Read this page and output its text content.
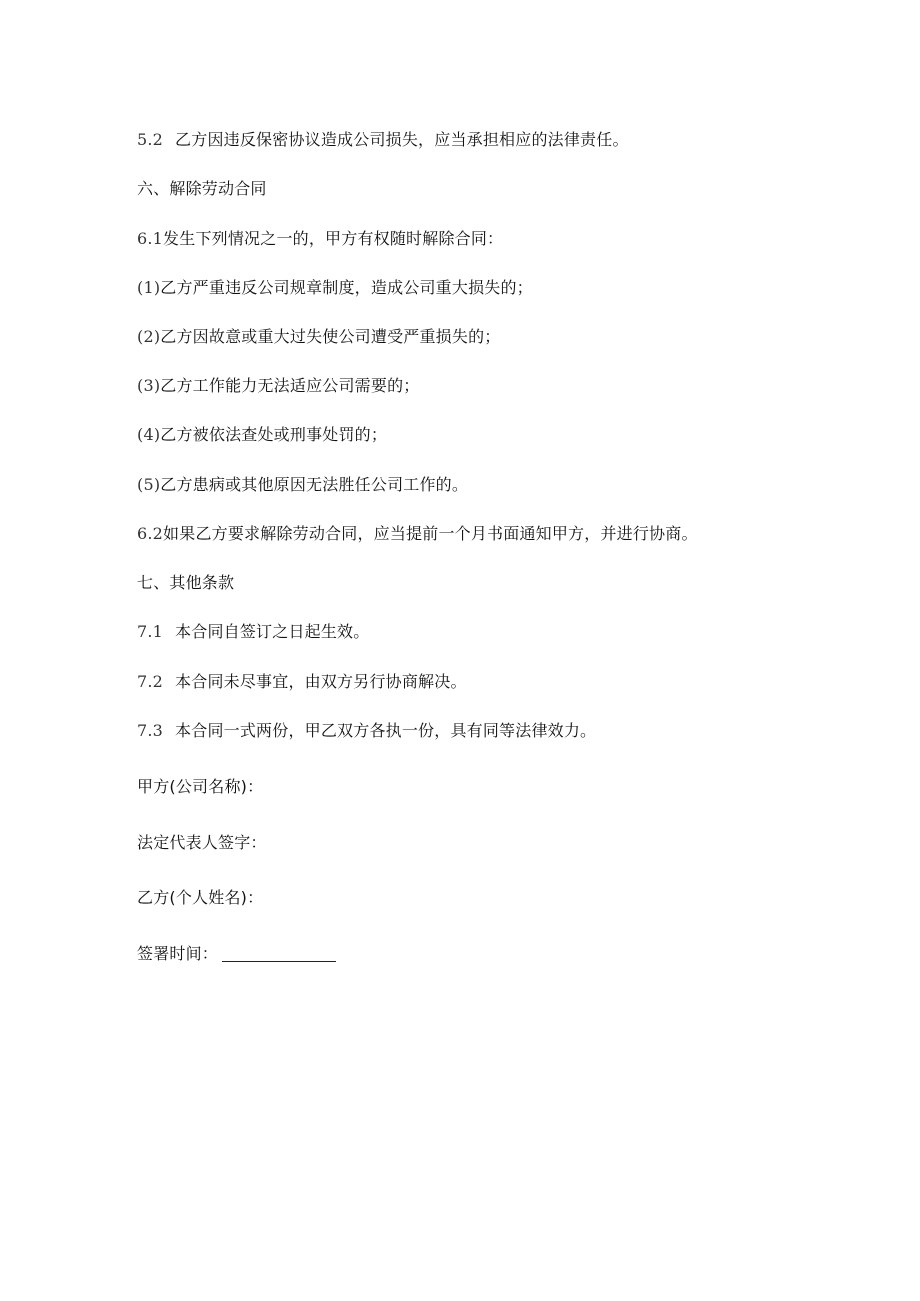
5.2 乙方因违反保密协议造成公司损失，应当承担相应的法律责任。
六、解除劳动合同
6.1发生下列情况之一的，甲方有权随时解除合同：
(1)乙方严重违反公司规章制度，造成公司重大损失的；
(2)乙方因故意或重大过失使公司遭受严重损失的；
(3)乙方工作能力无法适应公司需要的；
(4)乙方被依法查处或刑事处罚的；
(5)乙方患病或其他原因无法胜任公司工作的。
6.2如果乙方要求解除劳动合同，应当提前一个月书面通知甲方，并进行协商。
七、其他条款
7.1 本合同自签订之日起生效。
7.2 本合同未尽事宜，由双方另行协商解决。
7.3 本合同一式两份，甲乙双方各执一份，具有同等法律效力。
甲方(公司名称)：
法定代表人签字：
乙方(个人姓名)：
签署时间：
